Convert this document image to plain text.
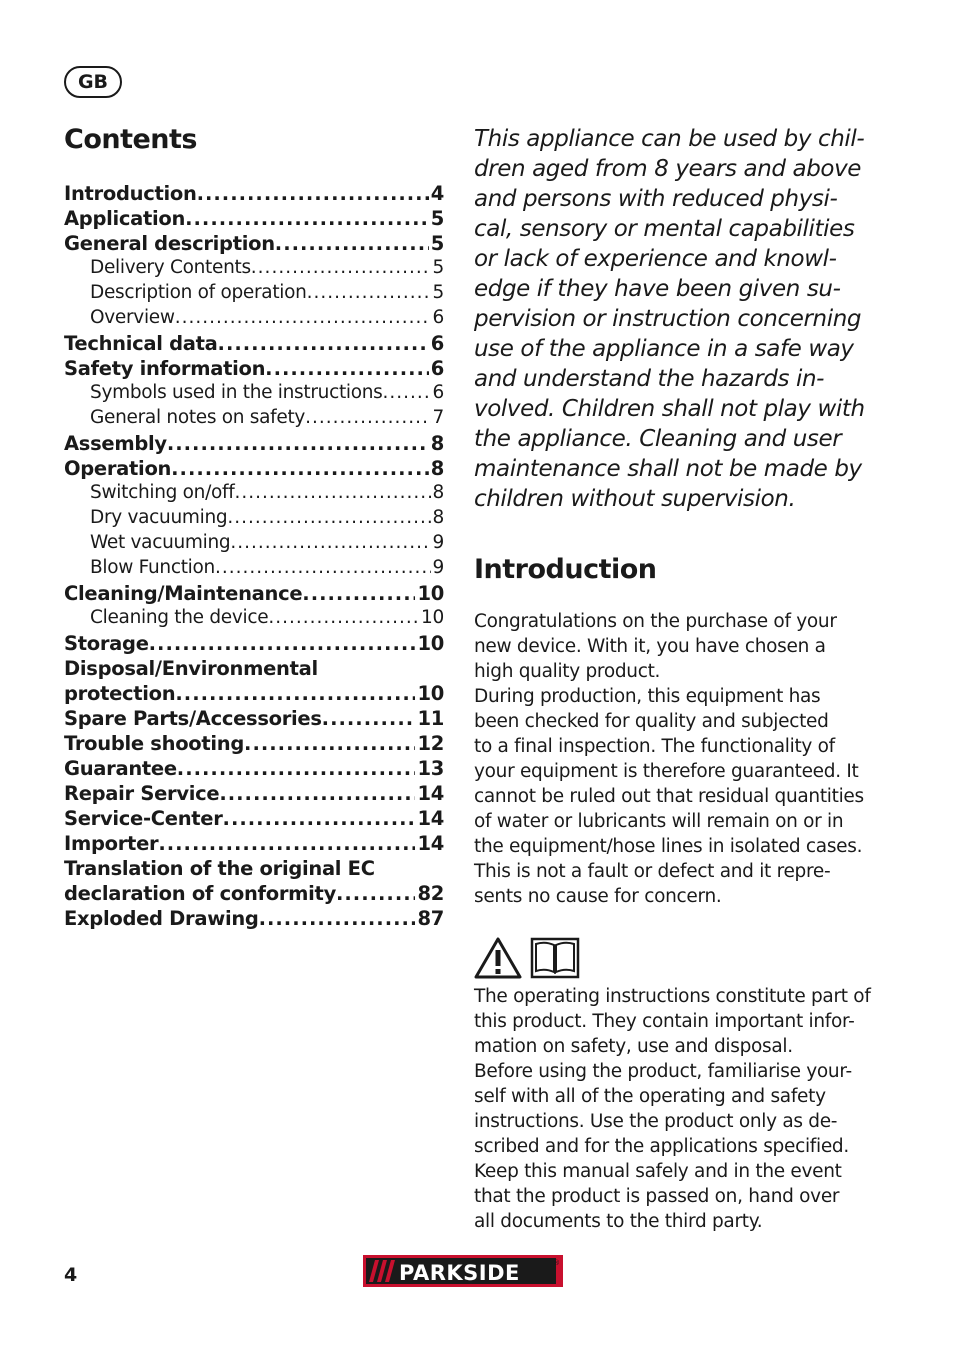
GB
Contents
Introduction .....	4
Application .....	5
General description .....	5
Delivery Contents .....	5
Description of operation .....	5
Overview .....	6
Technical data .....	6
Safety information .....	6
Symbols used in the instructions .....	6
General notes on safety .....	7
Assembly .....	8
Operation .....	8
Switching on/off .....	8
Dry vacuuming .....	8
Wet vacuuming .....	9
Blow Function .....	9
Cleaning/Maintenance .....	10
Cleaning the device .....	10
Storage .....	10
Disposal/Environmental
protection .....	10
Spare Parts/Accessories .....	11
Trouble shooting .....	12
Guarantee .....	13
Repair Service .....	14
Service-Center .....	14
Importer .....	14
Translation of the original EC
declaration of conformity .....	82
Exploded Drawing .....	87
This appliance can be used by chil-
dren aged from 8 years and above
and persons with reduced physi-
cal, sensory or mental capabilities
or lack of experience and knowl-
edge if they have been given su-
pervision or instruction concerning
use of the appliance in a safe way
and understand the hazards in-
volved. Children shall not play with
the appliance. Cleaning and user
maintenance shall not be made by
children without supervision.
Introduction
Congratulations on the purchase of your
new device. With it, you have chosen a
high quality product.
During production, this equipment has
been checked for quality and subjected
to a final inspection. The functionality of
your equipment is therefore guaranteed. It
cannot be ruled out that residual quantities
of water or lubricants will remain on or in
the equipment/hose lines in isolated cases.
This is not a fault or defect and it repre-
sents no cause for concern.
The operating instructions constitute part of
this product. They contain important infor-
mation on safety, use and disposal.
Before using the product, familiarise your-
self with all of the operating and safety
instructions. Use the product only as de-
scribed and for the applications specified.
Keep this manual safely and in the event
that the product is passed on, hand over
all documents to the third party.
4	PARKSIDE	®
